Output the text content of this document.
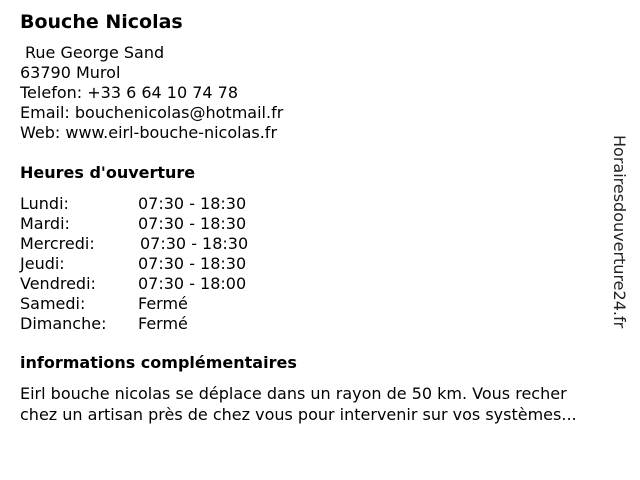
Bouche Nicolas
Rue George Sand
63790 Murol
Telefon: +33 6 64 10 74 78
Email: bouchenicolas@hotmail.fr
Web: www.eirl-bouche-nicolas.fr
Heures d'ouverture
Lundi:	07:30 - 18:30
Mardi:	07:30 - 18:30
Mercredi:	07:30 - 18:30
Jeudi:	07:30 - 18:30
Vendredi:	07:30 - 18:00
Samedi:	Fermé
Dimanche: Fermé
informations complémentaires
Eirl bouche nicolas se déplace dans un rayon de 50 km. Vous recher
chez un artisan près de chez vous pour intervenir sur vos systèmes...
Horairesdouverture24.fr
